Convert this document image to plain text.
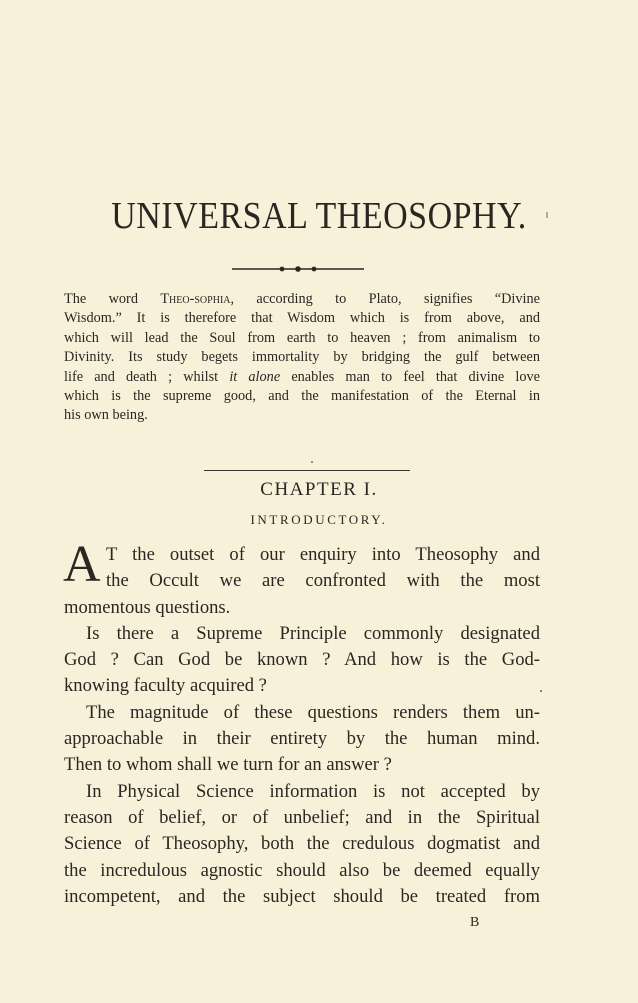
UNIVERSAL THEOSOPHY.
The word Theo-sophia, according to Plato, signifies “Divine
Wisdom.” It is therefore that Wisdom which is from above, and
which will lead the Soul from earth to heaven ; from animalism to
Divinity. Its study begets immortality by bridging the gulf between
life and death ; whilst it alone enables man to feel that divine love
which is the supreme good, and the manifestation of the Eternal in
his own being.
CHAPTER I.
INTRODUCTORY.
A T the outset of our enquiry into Theosophy and
the Occult we are confronted with the most
momentous questions.
Is there a Supreme Principle commonly designated
God ? Can God be known ? And how is the God-
knowing faculty acquired ?
The magnitude of these questions renders them un-
approachable in their entirety by the human mind.
Then to whom shall we turn for an answer ?
In Physical Science information is not accepted by
reason of belief, or of unbelief; and in the Spiritual
Science of Theosophy, both the credulous dogmatist and
the incredulous agnostic should also be deemed equally
incompetent, and the subject should be treated from
B
